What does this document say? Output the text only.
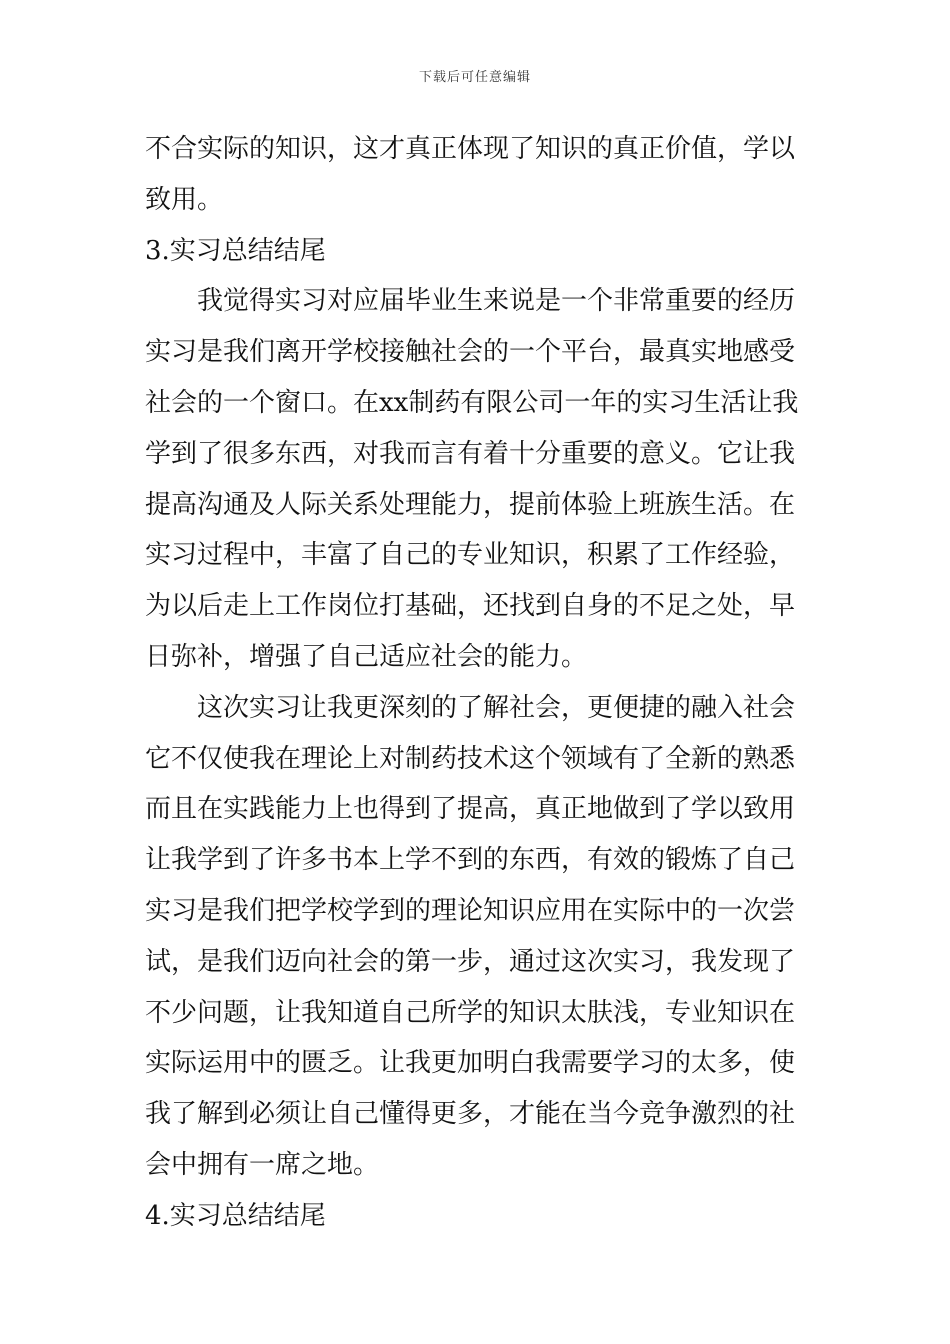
下载后可任意编辑
不合实际的知识，这才真正体现了知识的真正价值，学以
致用。
3.实习总结结尾
我觉得实习对应届毕业生来说是一个非常重要的经历
实习是我们离开学校接触社会的一个平台，最真实地感受
社会的一个窗口。在xx制药有限公司一年的实习生活让我
学到了很多东西，对我而言有着十分重要的意义。它让我
提高沟通及人际关系处理能力，提前体验上班族生活。在
实习过程中，丰富了自己的专业知识，积累了工作经验，
为以后走上工作岗位打基础，还找到自身的不足之处，早
日弥补，增强了自己适应社会的能力。
这次实习让我更深刻的了解社会，更便捷的融入社会
它不仅使我在理论上对制药技术这个领域有了全新的熟悉
而且在实践能力上也得到了提高，真正地做到了学以致用
让我学到了许多书本上学不到的东西，有效的锻炼了自己
实习是我们把学校学到的理论知识应用在实际中的一次尝
试，是我们迈向社会的第一步，通过这次实习，我发现了
不少问题，让我知道自己所学的知识太肤浅，专业知识在
实际运用中的匮乏。让我更加明白我需要学习的太多，使
我了解到必须让自己懂得更多，才能在当今竞争激烈的社
会中拥有一席之地。
4.实习总结结尾
